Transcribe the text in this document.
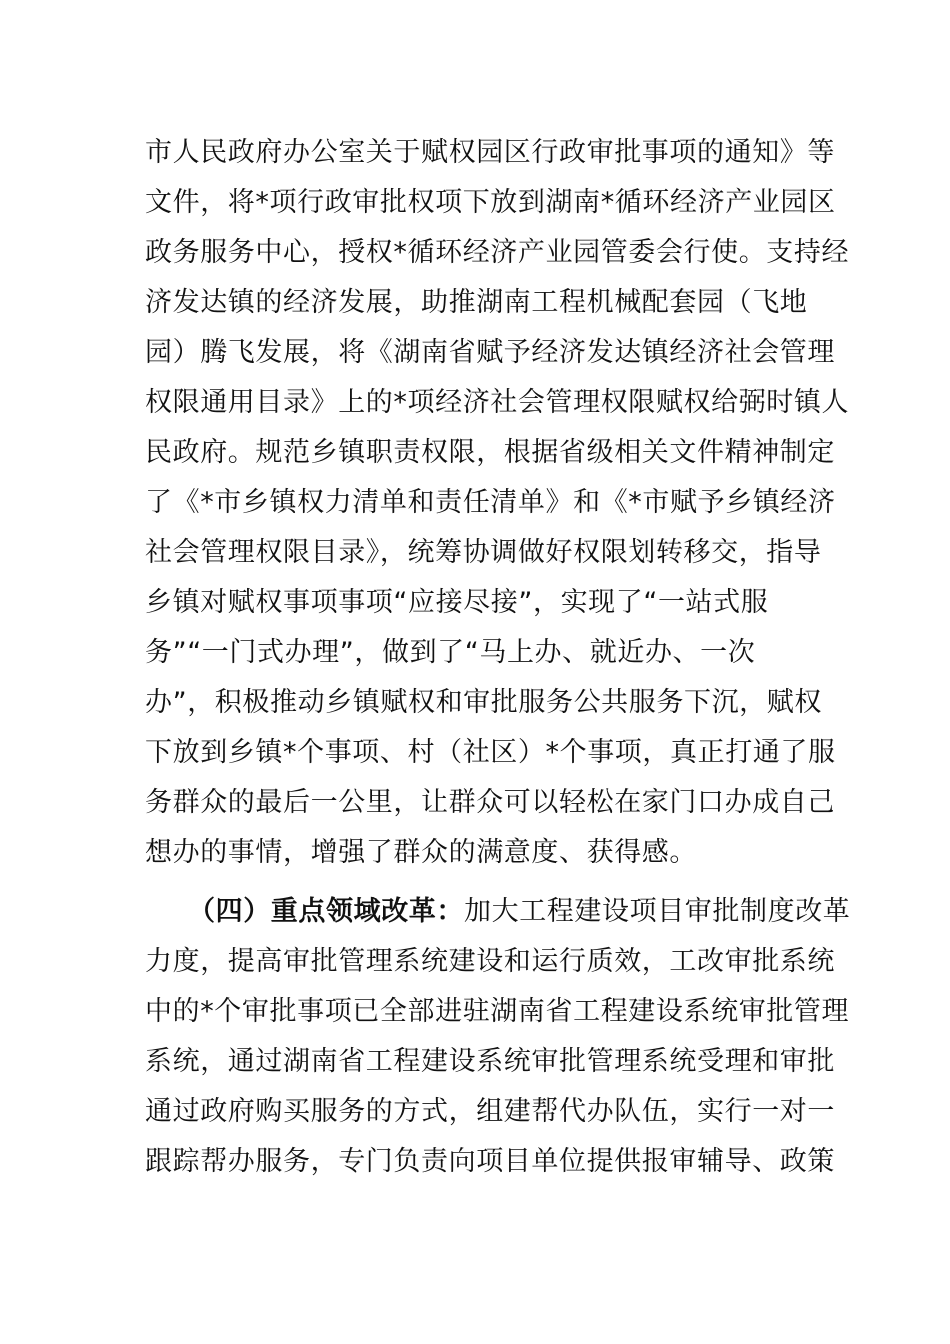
市人民政府办公室关于赋权园区行政审批事项的通知》等
文件，将*项行政审批权项下放到湖南*循环经济产业园区
政务服务中心，授权*循环经济产业园管委会行使。支持经
济发达镇的经济发展，助推湖南工程机械配套园（飞地
园）腾飞发展，将《湖南省赋予经济发达镇经济社会管理
权限通用目录》上的*项经济社会管理权限赋权给弼时镇人
民政府。规范乡镇职责权限，根据省级相关文件精神制定
了《*市乡镇权力清单和责任清单》和《*市赋予乡镇经济
社会管理权限目录》，统筹协调做好权限划转移交，指导
乡镇对赋权事项事项“应接尽接”，实现了“一站式服
务”“一门式办理”，做到了“马上办、就近办、一次
办”，积极推动乡镇赋权和审批服务公共服务下沉，赋权
下放到乡镇*个事项、村（社区）*个事项，真正打通了服
务群众的最后一公里，让群众可以轻松在家门口办成自己
想办的事情，增强了群众的满意度、获得感。
（四）重点领域改革：加大工程建设项目审批制度改革
力度，提高审批管理系统建设和运行质效，工改审批系统
中的*个审批事项已全部进驻湖南省工程建设系统审批管理
系统，通过湖南省工程建设系统审批管理系统受理和审批
通过政府购买服务的方式，组建帮代办队伍，实行一对一
跟踪帮办服务，专门负责向项目单位提供报审辅导、政策
